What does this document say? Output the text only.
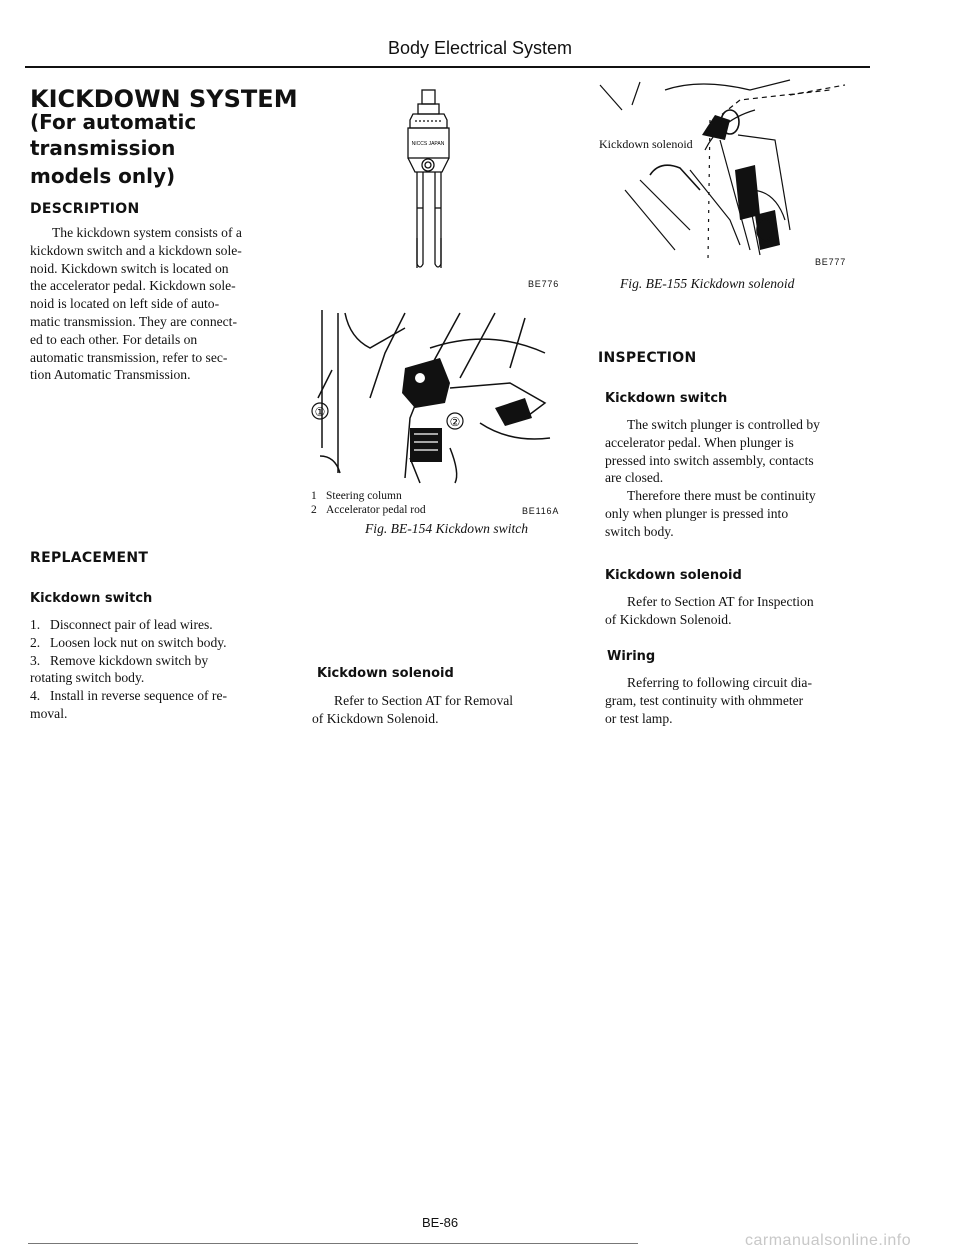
Body Electrical System
KICKDOWN SYSTEM
(For automatic
transmission
models only)
DESCRIPTION
The kickdown system consists of a
kickdown switch and a kickdown sole-
noid. Kickdown switch is located on
the accelerator pedal. Kickdown sole-
noid is located on left side of auto-
matic transmission. They are connect-
ed to each other. For details on
automatic transmission, refer to sec-
tion Automatic Transmission.
REPLACEMENT
Kickdown switch
1. Disconnect pair of lead wires.
2. Loosen lock nut on switch body.
3. Remove kickdown switch by
rotating switch body.
4. Install in reverse sequence of re-
moval.
NICCS JAPAN
BE776
①
②
1 Steering column
2 Accelerator pedal rod	BE116A
Fig. BE-154 Kickdown switch
Kickdown solenoid
Refer to Section AT for Removal
of Kickdown Solenoid.
Kickdown solenoid
BE777
Fig. BE-155 Kickdown solenoid
INSPECTION
Kickdown switch
The switch plunger is controlled by
accelerator pedal. When plunger is
pressed into switch assembly, contacts
are closed.
Therefore there must be continuity
only when plunger is pressed into
switch body.
Kickdown solenoid
Refer to Section AT for Inspection
of Kickdown Solenoid.
Wiring
Referring to following circuit dia-
gram, test continuity with ohmmeter
or test lamp.
BE-86
carmanualsonline.info
